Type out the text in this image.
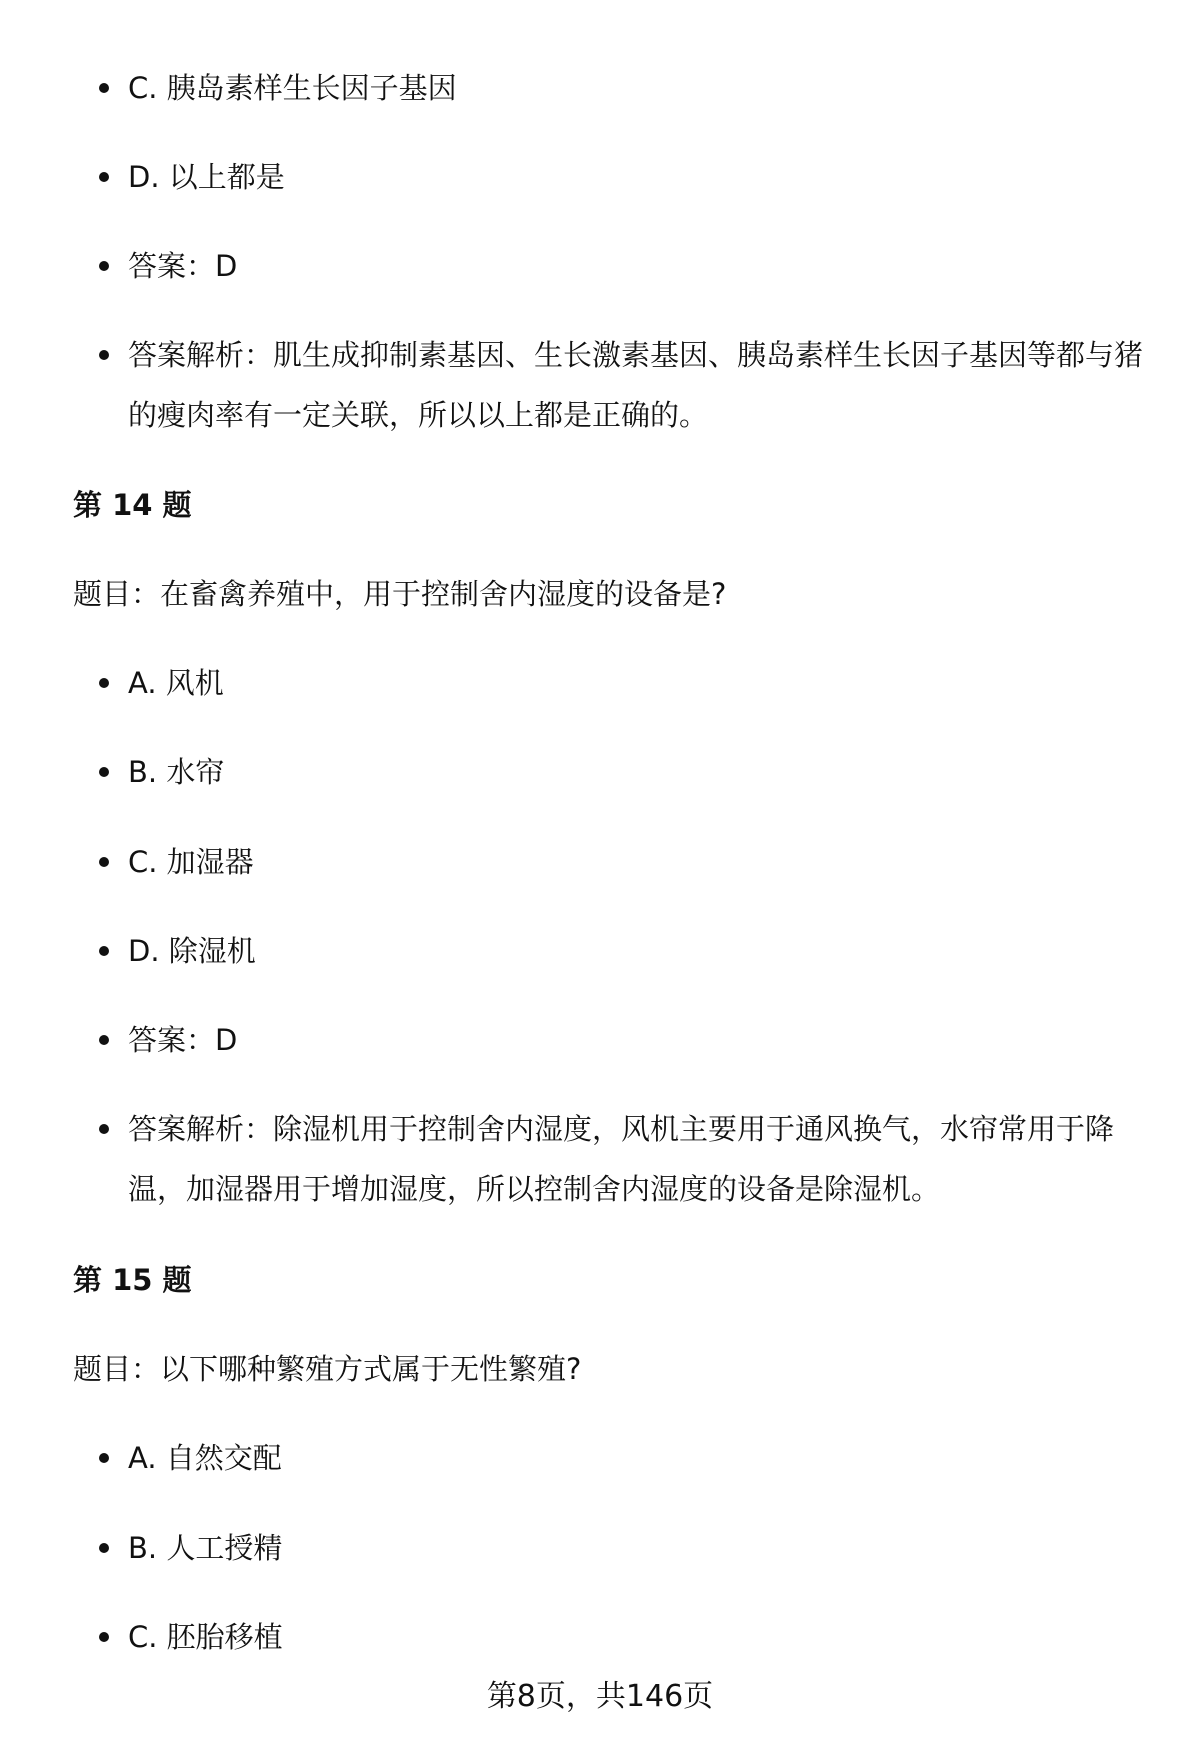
C. 胰岛素样生长因子基因
D. 以上都是
答案：D
答案解析：肌生成抑制素基因、生长激素基因、胰岛素样生长因子基因等都与猪的瘦肉率有一定关联，所以以上都是正确的。
第 14 题
题目：在畜禽养殖中，用于控制舍内湿度的设备是?
A. 风机
B. 水帘
C. 加湿器
D. 除湿机
答案：D
答案解析：除湿机用于控制舍内湿度，风机主要用于通风换气，水帘常用于降温，加湿器用于增加湿度，所以控制舍内湿度的设备是除湿机。
第 15 题
题目：以下哪种繁殖方式属于无性繁殖?
A. 自然交配
B. 人工授精
C. 胚胎移植
第8页，共146页
